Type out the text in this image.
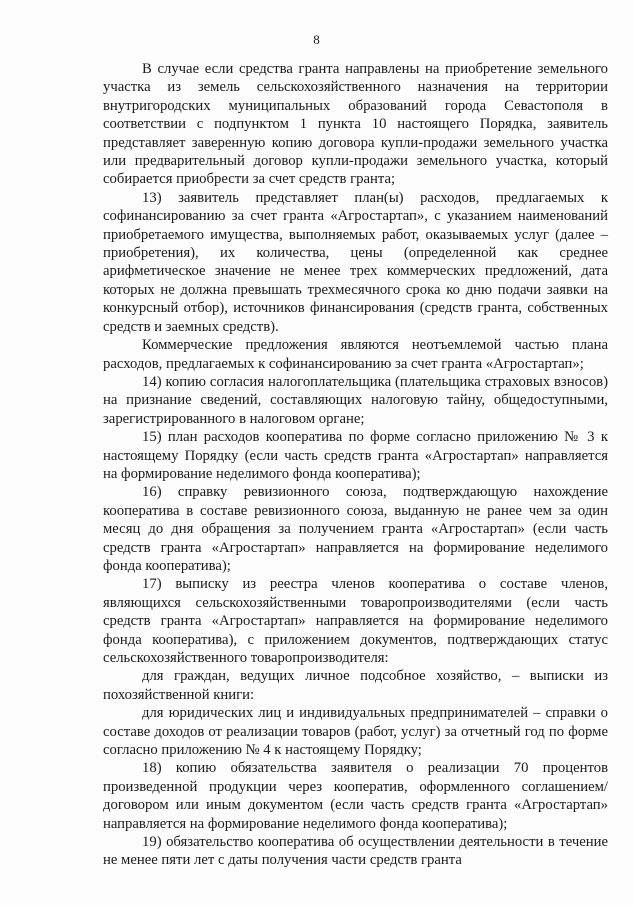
8

В случае если средства гранта направлены на приобретение земельного участка из земель сельскохозяйственного назначения на территории внутригородских муниципальных образований города Севастополя в соответствии с подпунктом 1 пункта 10 настоящего Порядка, заявитель представляет заверенную копию договора купли-продажи земельного участка или предварительный договор купли-продажи земельного участка, который собирается приобрести за счет средств гранта;

13) заявитель представляет план(ы) расходов, предлагаемых к софинансированию за счет гранта «Агростартап», с указанием наименований приобретаемого имущества, выполняемых работ, оказываемых услуг (далее – приобретения), их количества, цены (определенной как среднее арифметическое значение не менее трех коммерческих предложений, дата которых не должна превышать трехмесячного срока ко дню подачи заявки на конкурсный отбор), источников финансирования (средств гранта, собственных средств и заемных средств).

Коммерческие предложения являются неотъемлемой частью плана расходов, предлагаемых к софинансированию за счет гранта «Агростартап»;

14) копию согласия налогоплательщика (плательщика страховых взносов) на признание сведений, составляющих налоговую тайну, общедоступными, зарегистрированного в налоговом органе;

15) план расходов кооператива по форме согласно приложению № 3 к настоящему Порядку (если часть средств гранта «Агростартап» направляется на формирование неделимого фонда кооператива);

16) справку ревизионного союза, подтверждающую нахождение кооператива в составе ревизионного союза, выданную не ранее чем за один месяц до дня обращения за получением гранта «Агростартап» (если часть средств гранта «Агростартап» направляется на формирование неделимого фонда кооператива);

17) выписку из реестра членов кооператива о составе членов, являющихся сельскохозяйственными товаропроизводителями (если часть средств гранта «Агростартап» направляется на формирование неделимого фонда кооператива), с приложением документов, подтверждающих статус сельскохозяйственного товаропроизводителя:

для граждан, ведущих личное подсобное хозяйство, – выписки из похозяйственной книги:

для юридических лиц и индивидуальных предпринимателей – справки о составе доходов от реализации товаров (работ, услуг) за отчетный год по форме согласно приложению № 4 к настоящему Порядку;

18) копию обязательства заявителя о реализации 70 процентов произведенной продукции через кооператив, оформленного соглашением/договором или иным документом (если часть средств гранта «Агростартап» направляется на формирование неделимого фонда кооператива);

19) обязательство кооператива об осуществлении деятельности в течение не менее пяти лет с даты получения части средств гранта
